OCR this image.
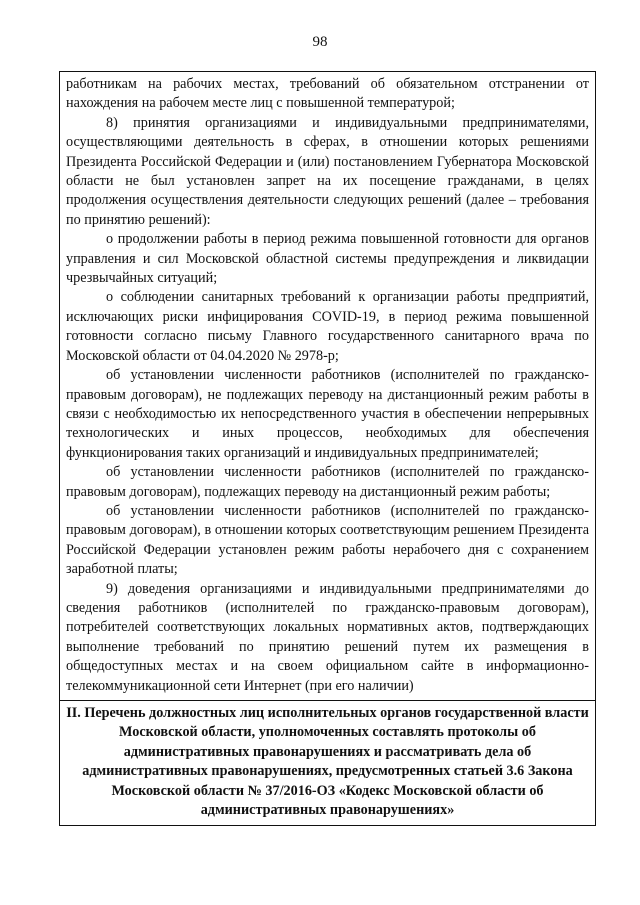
98

работникам на рабочих местах, требований об обязательном отстранении от нахождения на рабочем месте лиц с повышенной температурой;

8) принятия организациями и индивидуальными предпринимателями, осуществляющими деятельность в сферах, в отношении которых решениями Президента Российской Федерации и (или) постановлением Губернатора Московской области не был установлен запрет на их посещение гражданами, в целях продолжения осуществления деятельности следующих решений (далее – требования по принятию решений):

о продолжении работы в период режима повышенной готовности для органов управления и сил Московской областной системы предупреждения и ликвидации чрезвычайных ситуаций;

о соблюдении санитарных требований к организации работы предприятий, исключающих риски инфицирования COVID-19, в период режима повышенной готовности согласно письму Главного государственного санитарного врача по Московской области от 04.04.2020 № 2978-р;

об установлении численности работников (исполнителей по гражданско-правовым договорам), не подлежащих переводу на дистанционный режим работы в связи с необходимостью их непосредственного участия в обеспечении непрерывных технологических и иных процессов, необходимых для обеспечения функционирования таких организаций и индивидуальных предпринимателей;

об установлении численности работников (исполнителей по гражданско-правовым договорам), подлежащих переводу на дистанционный режим работы;

об установлении численности работников (исполнителей по гражданско-правовым договорам), в отношении которых соответствующим решением Президента Российской Федерации установлен режим работы нерабочего дня с сохранением заработной платы;

9) доведения организациями и индивидуальными предпринимателями до сведения работников (исполнителей по гражданско-правовым договорам), потребителей соответствующих локальных нормативных актов, подтверждающих выполнение требований по принятию решений путем их размещения в общедоступных местах и на своем официальном сайте в информационно-телекоммуникационной сети Интернет (при его наличии)

II. Перечень должностных лиц исполнительных органов государственной власти Московской области, уполномоченных составлять протоколы об административных правонарушениях и рассматривать дела об административных правонарушениях, предусмотренных статьей 3.6 Закона Московской области № 37/2016-ОЗ «Кодекс Московской области об административных правонарушениях»
